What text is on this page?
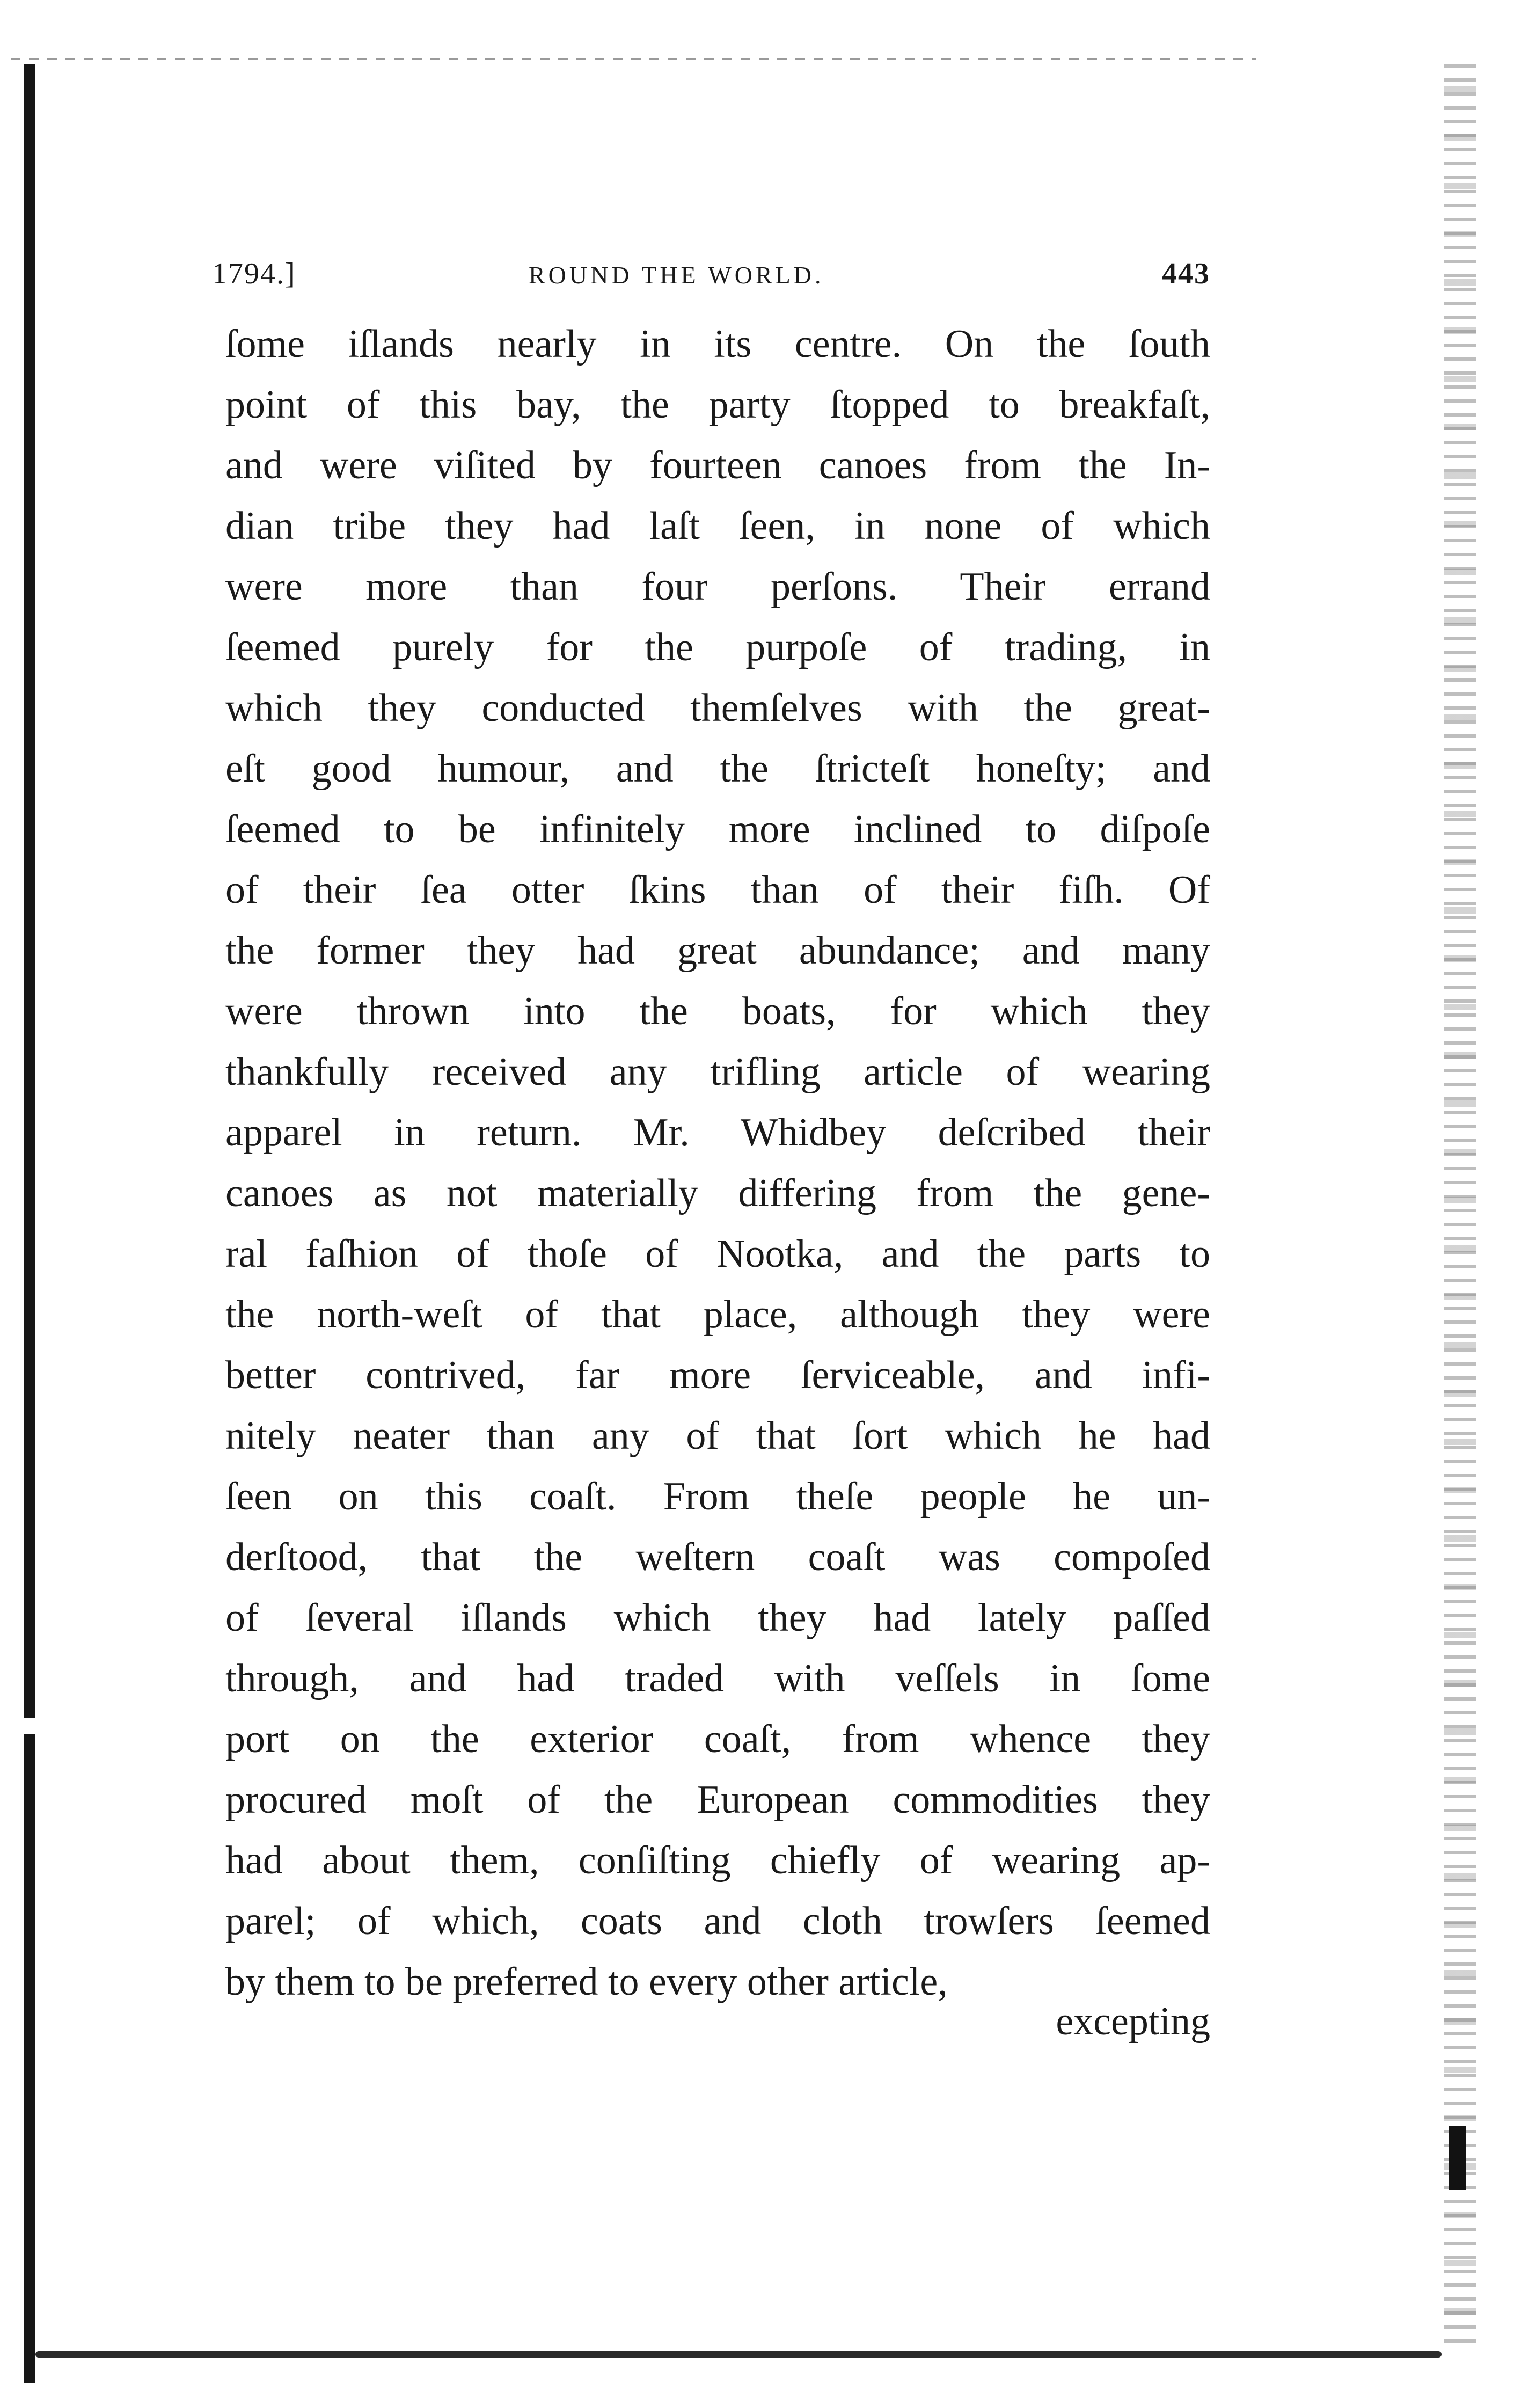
1794.]	ROUND THE WORLD.	443
ſome iſlands nearly in its centre. On the ſouth
point of this bay, the party ſtopped to breakfaſt,
and were viſited by fourteen canoes from the In-
dian tribe they had laſt ſeen, in none of which
were more than four perſons. Their errand
ſeemed purely for the purpoſe of trading, in
which they conducted themſelves with the great-
eſt good humour, and the ſtricteſt honeſty; and
ſeemed to be infinitely more inclined to diſpoſe
of their ſea otter ſkins than of their fiſh. Of
the former they had great abundance; and many
were thrown into the boats, for which they
thankfully received any trifling article of wearing
apparel in return. Mr. Whidbey deſcribed their
canoes as not materially differing from the gene-
ral faſhion of thoſe of Nootka, and the parts to
the north-weſt of that place, although they were
better contrived, far more ſerviceable, and infi-
nitely neater than any of that ſort which he had
ſeen on this coaſt. From theſe people he un-
derſtood, that the weſtern coaſt was compoſed
of ſeveral iſlands which they had lately paſſed
through, and had traded with veſſels in ſome
port on the exterior coaſt, from whence they
procured moſt of the European commodities they
had about them, conſiſting chiefly of wearing ap-
parel; of which, coats and cloth trowſers ſeemed
by them to be preferred to every other article,
excepting
